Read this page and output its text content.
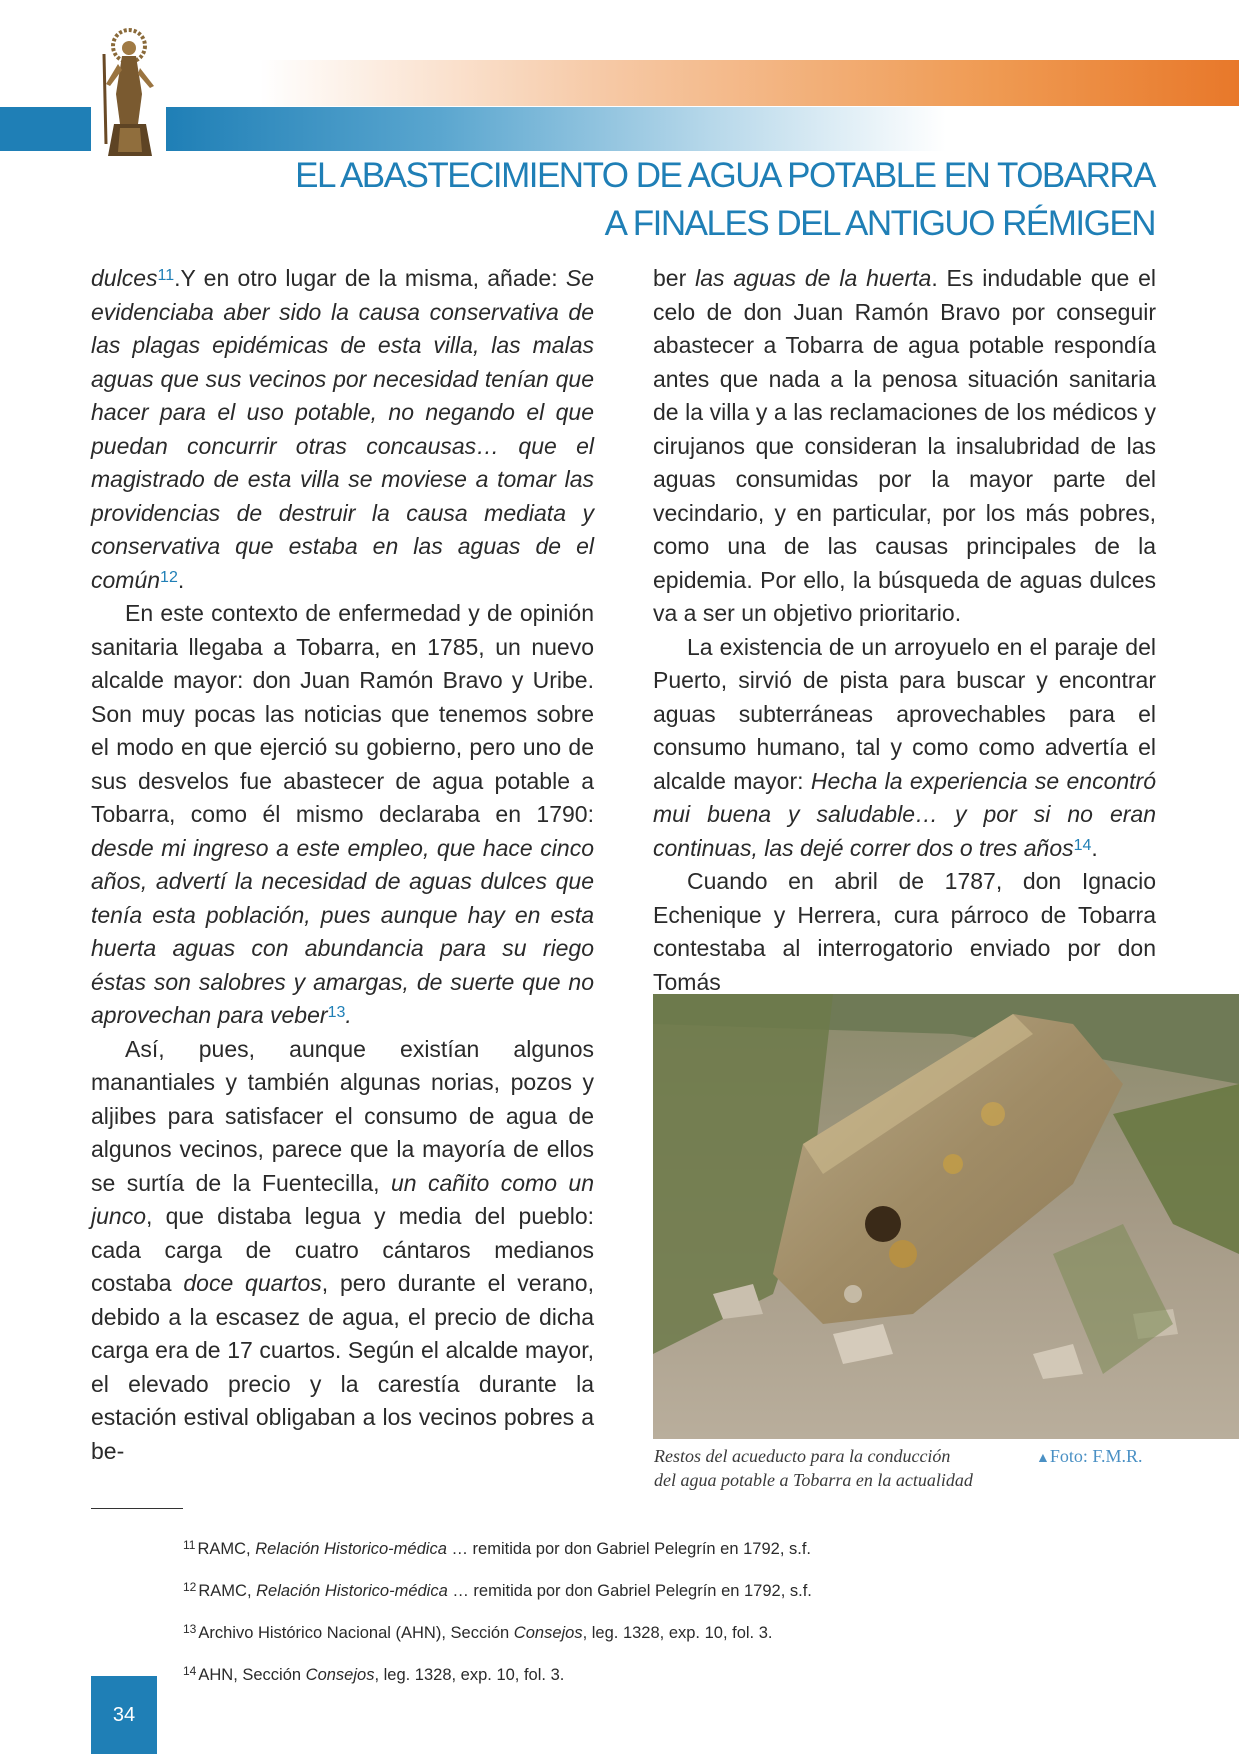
EL ABASTECIMIENTO DE AGUA POTABLE EN TOBARRA
A FINALES DEL ANTIGUO RÉMIGEN

dulces$^{11}$.Y en otro lugar de la misma, añade: Se evidenciaba aber sido la causa conservativa de las plagas epidémicas de esta villa, las malas aguas que sus vecinos por necesidad tenían que hacer para el uso potable, no negando el que puedan concurrir otras concausas… que el magistrado de esta villa se moviese a tomar las providencias de destruir la causa mediata y conservativa que estaba en las aguas de el común$^{12}$.

En este contexto de enfermedad y de opinión sanitaria llegaba a Tobarra, en 1785, un nuevo alcalde mayor: don Juan Ramón Bravo y Uribe. Son muy pocas las noticias que tenemos sobre el modo en que ejerció su gobierno, pero uno de sus desvelos fue abastecer de agua potable a Tobarra, como él mismo declaraba en 1790: desde mi ingreso a este empleo, que hace cinco años, advertí la necesidad de aguas dulces que tenía esta población, pues aunque hay en esta huerta aguas con abundancia para su riego éstas son salobres y amargas, de suerte que no aprovechan para veber$^{13}$.

Así, pues, aunque existían algunos manantiales y también algunas norias, pozos y aljibes para satisfacer el consumo de agua de algunos vecinos, parece que la mayoría de ellos se surtía de la Fuentecilla, un cañito como un junco, que distaba legua y media del pueblo: cada carga de cuatro cántaros medianos costaba doce quartos, pero durante el verano, debido a la escasez de agua, el precio de dicha carga era de 17 cuartos. Según el alcalde mayor, el elevado precio y la carestía durante la estación estival obligaban a los vecinos pobres a be-

ber las aguas de la huerta. Es indudable que el celo de don Juan Ramón Bravo por conseguir abastecer a Tobarra de agua potable respondía antes que nada a la penosa situación sanitaria de la villa y a las reclamaciones de los médicos y cirujanos que consideran la insalubridad de las aguas consumidas por la mayor parte del vecindario, y en particular, por los más pobres, como una de las causas principales de la epidemia. Por ello, la búsqueda de aguas dulces va a ser un objetivo prioritario.

La existencia de un arroyuelo en el paraje del Puerto, sirvió de pista para buscar y encontrar aguas subterráneas aprovechables para el consumo humano, tal y como como advertía el alcalde mayor: Hecha la experiencia se encontró mui buena y saludable… y por si no eran continuas, las dejé correr dos o tres años$^{14}$.

Cuando en abril de 1787, don Ignacio Echenique y Herrera, cura párroco de Tobarra contestaba al interrogatorio enviado por don Tomás

Restos del acueducto para la conducción
del agua potable a Tobarra en la actualidad
▲Foto: F.M.R.

$^{11}$ RAMC, Relación Historico-médica … remitida por don Gabriel Pelegrín en 1792, s.f.

$^{12}$ RAMC, Relación Historico-médica … remitida por don Gabriel Pelegrín en 1792, s.f.

$^{13}$ Archivo Histórico Nacional (AHN), Sección Consejos, leg. 1328, exp. 10, fol. 3.

$^{14}$ AHN, Sección Consejos, leg. 1328, exp. 10, fol. 3.

34
